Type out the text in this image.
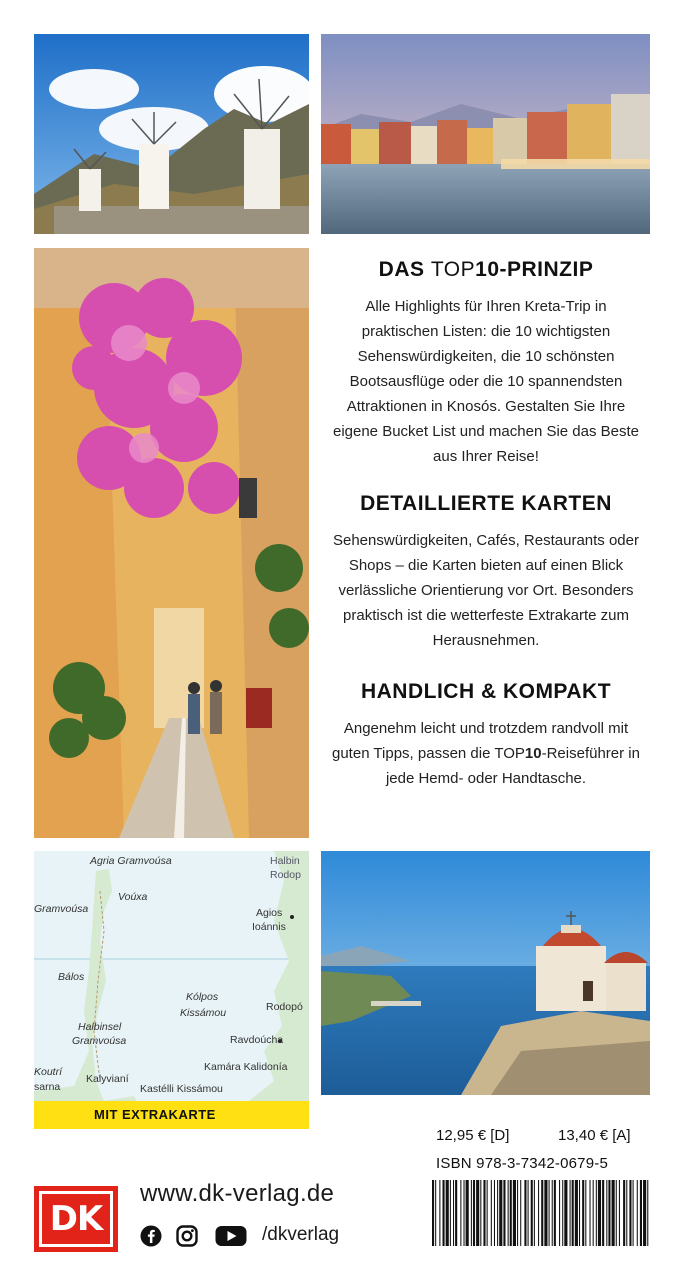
DAS TOP10-PRINZIP

Alle Highlights für Ihren Kreta-Trip in praktischen Listen: die 10 wichtigsten Sehenswürdigkeiten, die 10 schönsten Bootsausflüge oder die 10 spannendsten Attraktionen in Knosós. Gestalten Sie Ihre eigene Bucket List und machen Sie das Beste aus Ihrer Reise!

DETAILLIERTE KARTEN

Sehenswürdigkeiten, Cafés, Restaurants oder Shops – die Karten bieten auf einen Blick verlässliche Orientierung vor Ort. Besonders praktisch ist die wetterfeste Extrakarte zum Herausnehmen.

HANDLICH & KOMPAKT

Angenehm leicht und trotzdem randvoll mit guten Tipps, passen die TOP10-Reiseführer in jede Hemd- oder Handtasche.

Agria Gramvoúsa	Halbin
Rodop
Voúxa
Gramvoúsa	Agios
Ioánnis
Bálos
Kólpos
Kissámou	Rodopó
Ravdoúcha
Halbinsel
Gramvoúsa
Koutrí
sarna
Kalyvianí
Kamára Kalidonía
Kastélli Kissámou
MIT EXTRAKARTE
12,95 € [D]	13,40 € [A]
ISBN 978-3-7342-0679-5
DK
www.dk-verlag.de
/dkverlag
